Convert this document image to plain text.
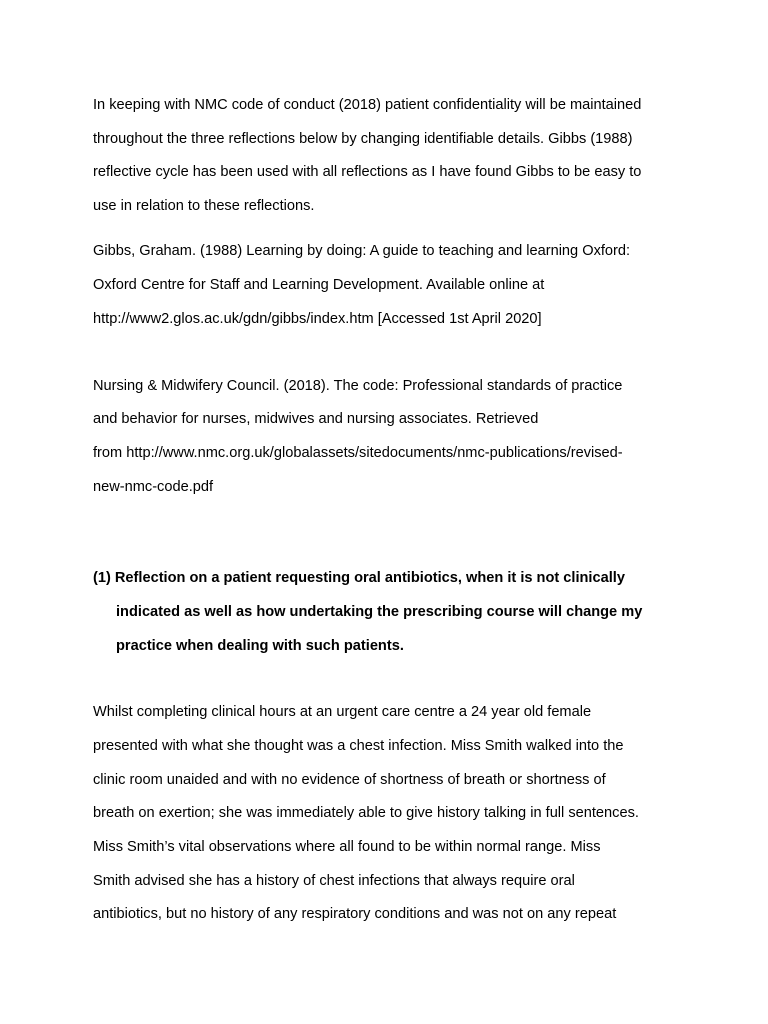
In keeping with NMC code of conduct (2018) patient confidentiality will be maintained

throughout the three reflections below by changing identifiable details. Gibbs (1988)

reflective cycle has been used with all reflections as I have found Gibbs to be easy to

use in relation to these reflections.

Gibbs, Graham. (1988) Learning by doing: A guide to teaching and learning Oxford:

Oxford Centre for Staff and Learning Development. Available online at

http://www2.glos.ac.uk/gdn/gibbs/index.htm [Accessed 1st April 2020]

Nursing & Midwifery Council. (2018). The code: Professional standards of practice

and behavior for nurses, midwives and nursing associates. Retrieved

from http://www.nmc.org.uk/globalassets/sitedocuments/nmc-publications/revised-

new-nmc-code.pdf

(1) Reflection on a patient requesting oral antibiotics, when it is not clinically

indicated as well as how undertaking the prescribing course will change my

practice when dealing with such patients.

Whilst completing clinical hours at an urgent care centre a 24 year old female

presented with what she thought was a chest infection. Miss Smith walked into the

clinic room unaided and with no evidence of shortness of breath or shortness of

breath on exertion; she was immediately able to give history talking in full sentences.

Miss Smith’s vital observations where all found to be within normal range. Miss

Smith advised she has a history of chest infections that always require oral

antibiotics, but no history of any respiratory conditions and was not on any repeat
